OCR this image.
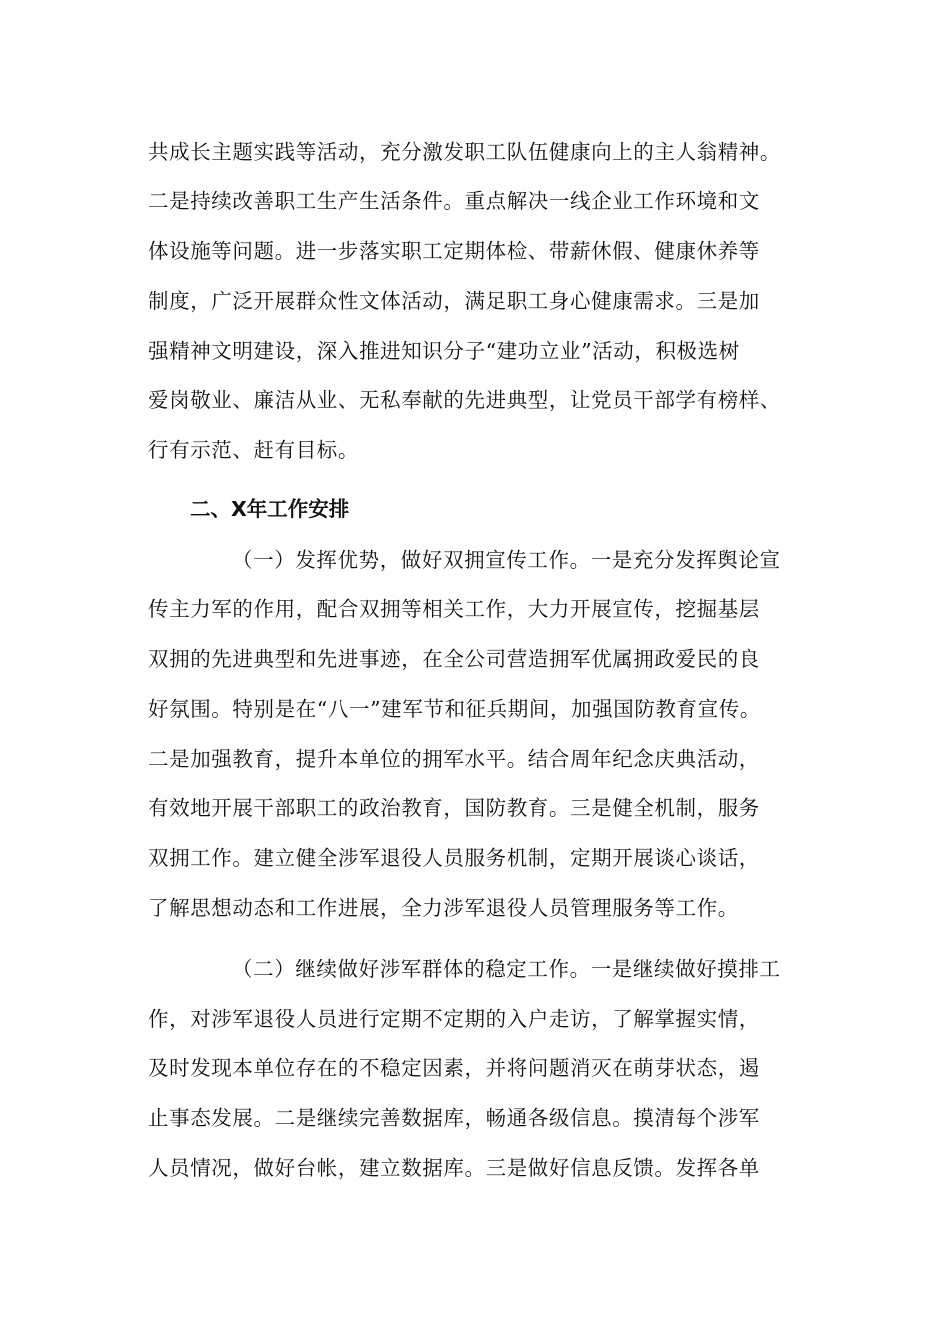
共成长主题实践等活动，充分激发职工队伍健康向上的主人翁精神。
二是持续改善职工生产生活条件。重点解决一线企业工作环境和文
体设施等问题。进一步落实职工定期体检、带薪休假、健康休养等
制度，广泛开展群众性文体活动，满足职工身心健康需求。三是加
强精神文明建设，深入推进知识分子“建功立业”活动，积极选树
爱岗敬业、廉洁从业、无私奉献的先进典型，让党员干部学有榜样、
行有示范、赶有目标。
二、X年工作安排
（一）发挥优势，做好双拥宣传工作。一是充分发挥舆论宣
传主力军的作用，配合双拥等相关工作，大力开展宣传，挖掘基层
双拥的先进典型和先进事迹，在全公司营造拥军优属拥政爱民的良
好氛围。特别是在“八一”建军节和征兵期间，加强国防教育宣传。
二是加强教育，提升本单位的拥军水平。结合周年纪念庆典活动，
有效地开展干部职工的政治教育，国防教育。三是健全机制，服务
双拥工作。建立健全涉军退役人员服务机制，定期开展谈心谈话，
了解思想动态和工作进展，全力涉军退役人员管理服务等工作。
（二）继续做好涉军群体的稳定工作。一是继续做好摸排工
作，对涉军退役人员进行定期不定期的入户走访，了解掌握实情，
及时发现本单位存在的不稳定因素，并将问题消灭在萌芽状态，遏
止事态发展。二是继续完善数据库，畅通各级信息。摸清每个涉军
人员情况，做好台帐，建立数据库。三是做好信息反馈。发挥各单
